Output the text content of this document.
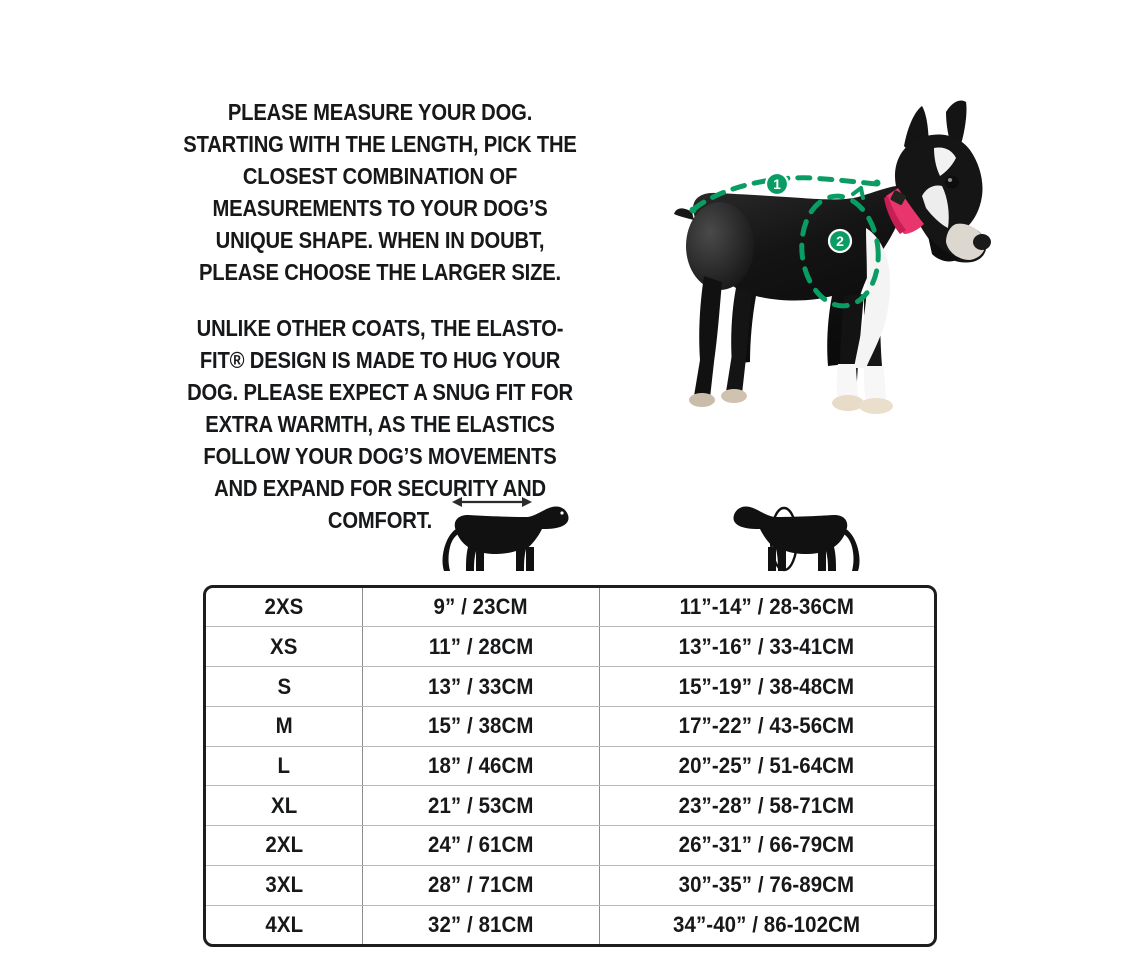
PLEASE MEASURE YOUR DOG. STARTING WITH THE LENGTH, PICK THE CLOSEST COMBINATION OF MEASUREMENTS TO YOUR DOG’S UNIQUE SHAPE. WHEN IN DOUBT, PLEASE CHOOSE THE LARGER SIZE.
UNLIKE OTHER COATS, THE ELASTO-FIT® DESIGN IS MADE TO HUG YOUR DOG. PLEASE EXPECT A SNUG FIT FOR EXTRA WARMTH, AS THE ELASTICS FOLLOW YOUR DOG’S MOVEMENTS AND EXPAND FOR SECURITY AND COMFORT.
1
2
2XS	9” / 23CM	11”-14” / 28-36CM
XS	11” / 28CM	13”-16” / 33-41CM
S	13” / 33CM	15”-19” / 38-48CM
M	15” / 38CM	17”-22” / 43-56CM
L	18” / 46CM	20”-25” / 51-64CM
XL	21” / 53CM	23”-28” / 58-71CM
2XL	24” / 61CM	26”-31” / 66-79CM
3XL	28” / 71CM	30”-35” / 76-89CM
4XL	32” / 81CM	34”-40” / 86-102CM
